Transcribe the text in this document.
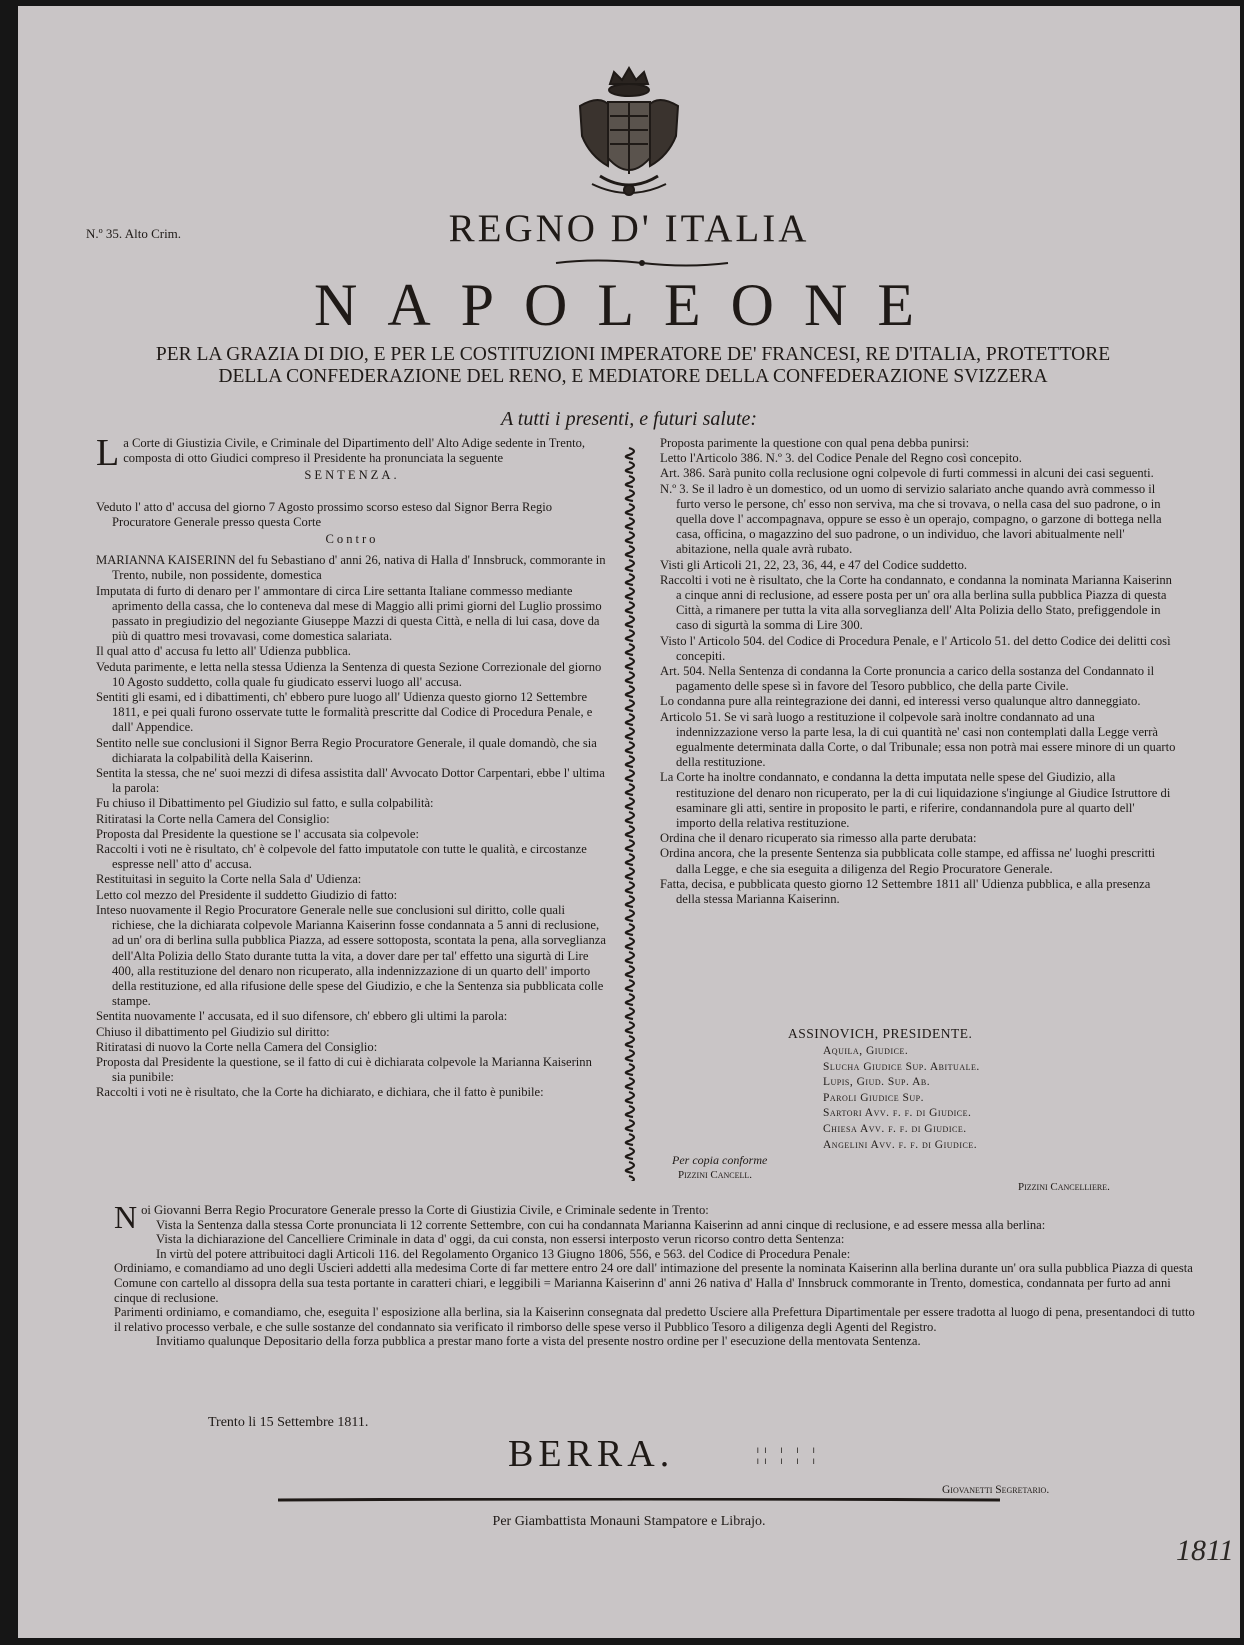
N.º 35. Alto Crim.	REGNO D' ITALIA
NAPOLEONE
PER LA GRAZIA DI DIO, E PER LE COSTITUZIONI IMPERATORE DE' FRANCESI, RE D'ITALIA, PROTETTORE
DELLA CONFEDERAZIONE DEL RENO, E MEDIATORE DELLA CONFEDERAZIONE SVIZZERA
A tutti i presenti, e futuri salute:

La Corte di Giustizia Civile, e Criminale del Dipartimento dell' Alto Adige sedente in Trento, composta di otto Giudici compreso il Presidente ha pronunciata la seguente

SENTENZA.

Veduto l' atto d' accusa del giorno 7 Agosto prossimo scorso esteso dal Signor Berra Regio Procuratore Generale presso questa Corte

Contro

MARIANNA KAISERINN del fu Sebastiano d' anni 26, nativa di Halla d' Innsbruck, commorante in Trento, nubile, non possidente, domestica

Imputata di furto di denaro per l' ammontare di circa Lire settanta Italiane commesso mediante aprimento della cassa, che lo conteneva dal mese di Maggio alli primi giorni del Luglio prossimo passato in pregiudizio del negoziante Giuseppe Mazzi di questa Città, e nella di lui casa, dove da più di quattro mesi trovavasi, come domestica salariata.

Il qual atto d' accusa fu letto all' Udienza pubblica.

Veduta parimente, e letta nella stessa Udienza la Sentenza di questa Sezione Correzionale del giorno 10 Agosto suddetto, colla quale fu giudicato esservi luogo all' accusa.

Sentiti gli esami, ed i dibattimenti, ch' ebbero pure luogo all' Udienza questo giorno 12 Settembre 1811, e pei quali furono osservate tutte le formalità prescritte dal Codice di Procedura Penale, e dall' Appendice.

Sentito nelle sue conclusioni il Signor Berra Regio Procuratore Generale, il quale domandò, che sia dichiarata la colpabilità della Kaiserinn.

Sentita la stessa, che ne' suoi mezzi di difesa assistita dall' Avvocato Dottor Carpentari, ebbe l' ultima la parola:

Fu chiuso il Dibattimento pel Giudizio sul fatto, e sulla colpabilità:

Ritiratasi la Corte nella Camera del Consiglio:

Proposta dal Presidente la questione se l' accusata sia colpevole:

Raccolti i voti ne è risultato, ch' è colpevole del fatto imputatole con tutte le qualità, e circostanze espresse nell' atto d' accusa.

Restituitasi in seguito la Corte nella Sala d' Udienza:

Letto col mezzo del Presidente il suddetto Giudizio di fatto:

Inteso nuovamente il Regio Procuratore Generale nelle sue conclusioni sul diritto, colle quali richiese, che la dichiarata colpevole Marianna Kaiserinn fosse condannata a 5 anni di reclusione, ad un' ora di berlina sulla pubblica Piazza, ad essere sottoposta, scontata la pena, alla sorveglianza dell'Alta Polizia dello Stato durante tutta la vita, a dover dare per tal' effetto una sigurtà di Lire 400, alla restituzione del denaro non ricuperato, alla indennizzazione di un quarto dell' importo della restituzione, ed alla rifusione delle spese del Giudizio, e che la Sentenza sia pubblicata colle stampe.

Sentita nuovamente l' accusata, ed il suo difensore, ch' ebbero gli ultimi la parola:

Chiuso il dibattimento pel Giudizio sul diritto:

Ritiratasi di nuovo la Corte nella Camera del Consiglio:

Proposta dal Presidente la questione, se il fatto di cui è dichiarata colpevole la Marianna Kaiserinn sia punibile:

Raccolti i voti ne è risultato, che la Corte ha dichiarato, e dichiara, che il fatto è punibile:

Proposta parimente la questione con qual pena debba punirsi:

Letto l'Articolo 386. N.º 3. del Codice Penale del Regno così concepito.

Art. 386. Sarà punito colla reclusione ogni colpevole di furti commessi in alcuni dei casi seguenti.

N.º 3. Se il ladro è un domestico, od un uomo di servizio salariato anche quando avrà commesso il furto verso le persone, ch' esso non serviva, ma che si trovava, o nella casa del suo padrone, o in quella dove l' accompagnava, oppure se esso è un operajo, compagno, o garzone di bottega nella casa, officina, o magazzino del suo padrone, o un individuo, che lavori abitualmente nell' abitazione, nella quale avrà rubato.

Visti gli Articoli 21, 22, 23, 36, 44, e 47 del Codice suddetto.

Raccolti i voti ne è risultato, che la Corte ha condannato, e condanna la nominata Marianna Kaiserinn a cinque anni di reclusione, ad essere posta per un' ora alla berlina sulla pubblica Piazza di questa Città, a rimanere per tutta la vita alla sorveglianza dell' Alta Polizia dello Stato, prefiggendole in caso di sigurtà la somma di Lire 300.

Visto l' Articolo 504. del Codice di Procedura Penale, e l' Articolo 51. del detto Codice dei delitti così concepiti.

Art. 504. Nella Sentenza di condanna la Corte pronuncia a carico della sostanza del Condannato il pagamento delle spese sì in favore del Tesoro pubblico, che della parte Civile.

Lo condanna pure alla reintegrazione dei danni, ed interessi verso qualunque altro danneggiato.

Articolo 51. Se vi sarà luogo a restituzione il colpevole sarà inoltre condannato ad una indennizzazione verso la parte lesa, la di cui quantità ne' casi non contemplati dalla Legge verrà egualmente determinata dalla Corte, o dal Tribunale; essa non potrà mai essere minore di un quarto della restituzione.

La Corte ha inoltre condannato, e condanna la detta imputata nelle spese del Giudizio, alla restituzione del denaro non ricuperato, per la di cui liquidazione s'ingiunge al Giudice Istruttore di esaminare gli atti, sentire in proposito le parti, e riferire, condannandola pure al quarto dell' importo della relativa restituzione.

Ordina che il denaro ricuperato sia rimesso alla parte derubata:

Ordina ancora, che la presente Sentenza sia pubblicata colle stampe, ed affissa ne' luoghi prescritti dalla Legge, e che sia eseguita a diligenza del Regio Procuratore Generale.

Fatta, decisa, e pubblicata questo giorno 12 Settembre 1811 all' Udienza pubblica, e alla presenza della stessa Marianna Kaiserinn.

ASSINOVICH, PRESIDENTE.
Aquila, Giudice.
Slucha Giudice Sup. Abituale.
Lupis, Giud. Sup. Ab.
Paroli Giudice Sup.
Sartori Avv. f. f. di Giudice.
Chiesa Avv. f. f. di Giudice.
Angelini Avv. f. f. di Giudice.
Per copia conforme
Pizzini Cancell.
Pizzini Cancelliere.

Noi Giovanni Berra Regio Procuratore Generale presso la Corte di Giustizia Civile, e Criminale sedente in Trento:

Vista la Sentenza dalla stessa Corte pronunciata li 12 corrente Settembre, con cui ha condannata Marianna Kaiserinn ad anni cinque di reclusione, e ad essere messa alla berlina:

Vista la dichiarazione del Cancelliere Criminale in data d' oggi, da cui consta, non essersi interposto verun ricorso contro detta Sentenza:

In virtù del potere attribuitoci dagli Articoli 116. del Regolamento Organico 13 Giugno 1806, 556, e 563. del Codice di Procedura Penale:

Ordiniamo, e comandiamo ad uno degli Uscieri addetti alla medesima Corte di far mettere entro 24 ore dall' intimazione del presente la nominata Kaiserinn alla berlina durante un' ora sulla pubblica Piazza di questa Comune con cartello al dissopra della sua testa portante in caratteri chiari, e leggibili = Marianna Kaiserinn d' anni 26 nativa d' Halla d' Innsbruck commorante in Trento, domestica, condannata per furto ad anni cinque di reclusione.

Parimenti ordiniamo, e comandiamo, che, eseguita l' esposizione alla berlina, sia la Kaiserinn consegnata dal predetto Usciere alla Prefettura Dipartimentale per essere tradotta al luogo di pena, presentandoci di tutto il relativo processo verbale, e che sulle sostanze del condannato sia verificato il rimborso delle spese verso il Pubblico Tesoro a diligenza degli Agenti del Registro.

Invitiamo qualunque Depositario della forza pubblica a prestar mano forte a vista del presente nostro ordine per l' esecuzione della mentovata Sentenza.

Trento li 15 Settembre 1811.
BERRA.	¦¦ ¦ ¦ ¦
Giovanetti Segretario.
Per Giambattista Monauni Stampatore e Librajo.
1811
